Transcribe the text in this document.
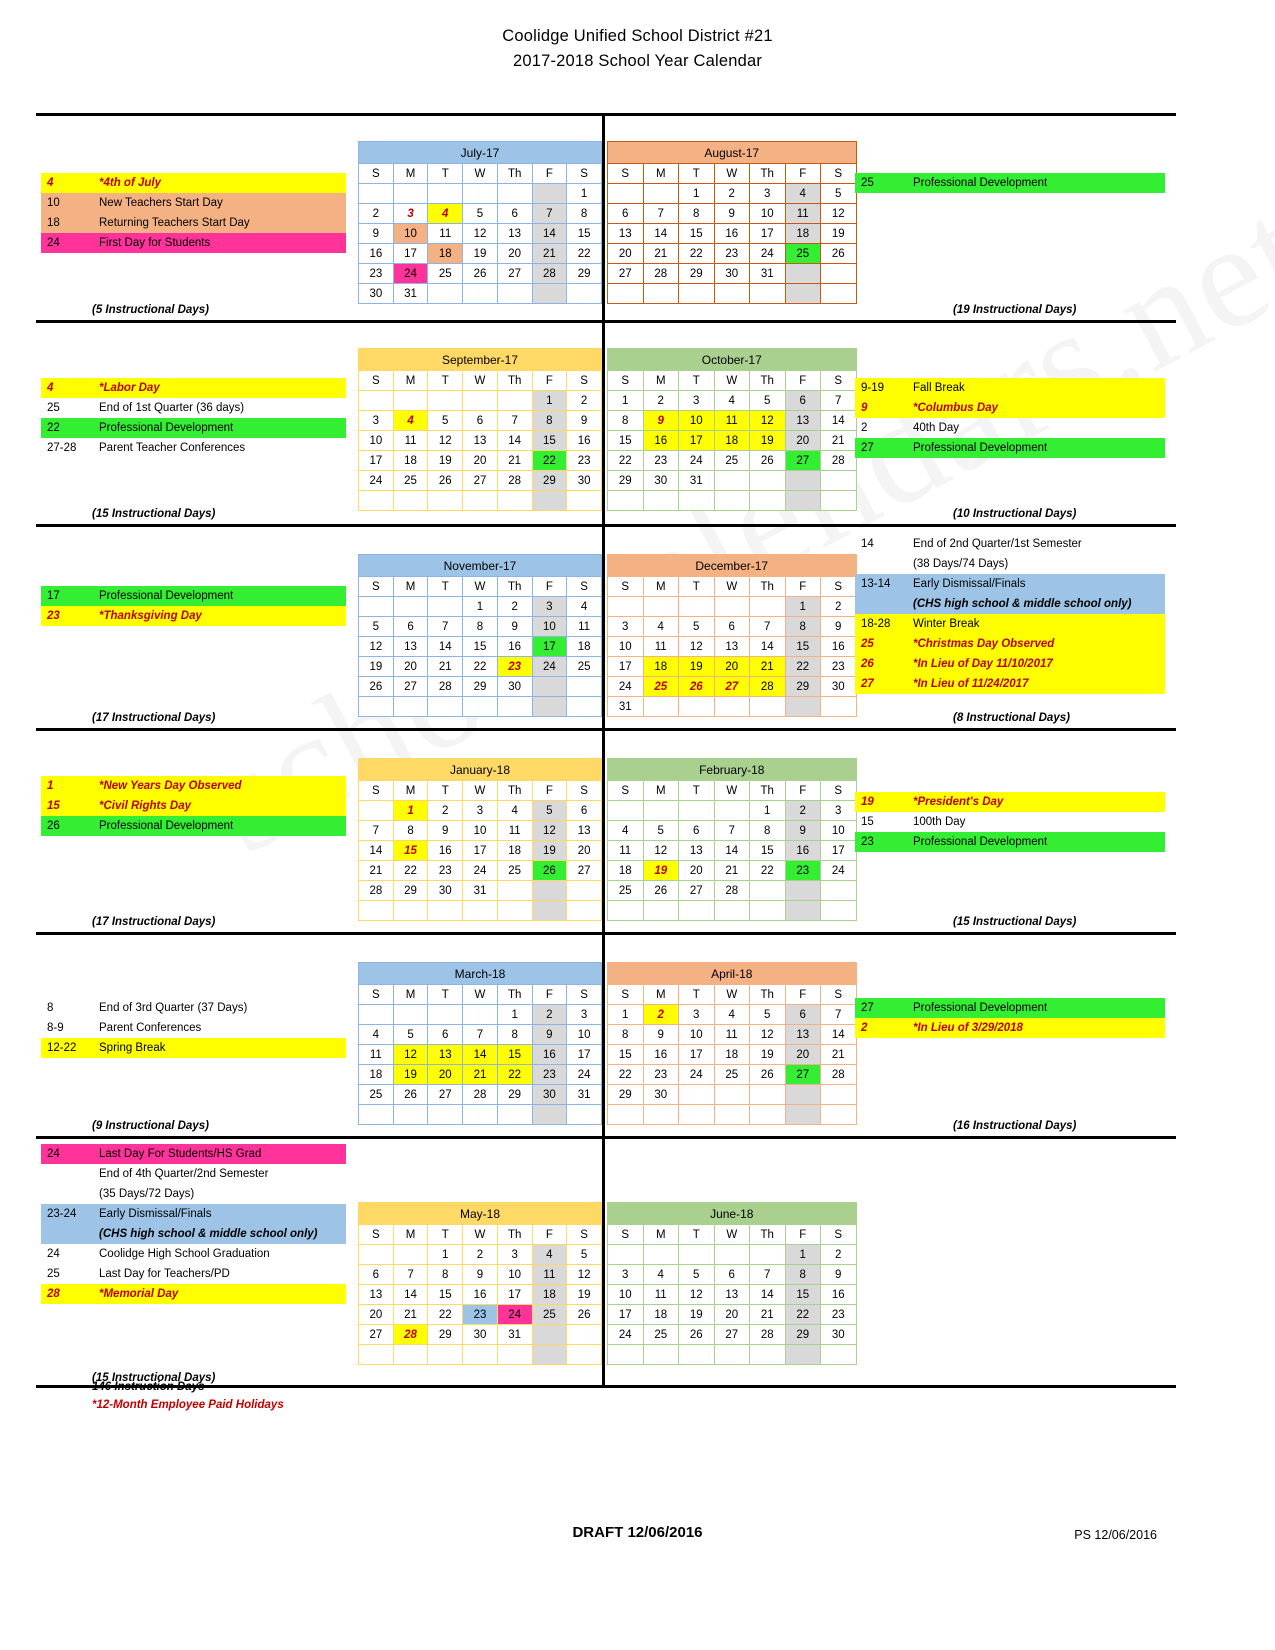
Coolidge Unified School District #21
2017-2018 School Year Calendar
July-17						
S	M	T	W	Th	F	S
						1
2	3	4	5	6	7	8
9	10	11	12	13	14	15
16	17	18	19	20	21	22
23	24	25	26	27	28	29
30	31					
4	*4th of July
10	New Teachers Start Day
18	Returning Teachers Start Day
24	First Day for Students
(5 Instructional Days)
August-17						
S	M	T	W	Th	F	S
		1	2	3	4	5
6	7	8	9	10	11	12
13	14	15	16	17	18	19
20	21	22	23	24	25	26
27	28	29	30	31		

25	Professional Development
(19 Instructional Days)
September-17						
S	M	T	W	Th	F	S
					1	2
3	4	5	6	7	8	9
10	11	12	13	14	15	16
17	18	19	20	21	22	23
24	25	26	27	28	29	30

4	*Labor Day
25	End of 1st Quarter (36 days)
22	Professional Development
27-28	Parent Teacher Conferences
(15 Instructional Days)
October-17						
S	M	T	W	Th	F	S
1	2	3	4	5	6	7
8	9	10	11	12	13	14
15	16	17	18	19	20	21
22	23	24	25	26	27	28
29	30	31				

9-19	Fall Break
9	*Columbus Day
2	40th Day
27	Professional Development
(10 Instructional Days)
November-17						
S	M	T	W	Th	F	S
			1	2	3	4
5	6	7	8	9	10	11
12	13	14	15	16	17	18
19	20	21	22	23	24	25
26	27	28	29	30		

17	Professional Development
23	*Thanksgiving Day
(17 Instructional Days)
December-17						
S	M	T	W	Th	F	S
					1	2
3	4	5	6	7	8	9
10	11	12	13	14	15	16
17	18	19	20	21	22	23
24	25	26	27	28	29	30
31						
14	End of 2nd Quarter/1st Semester
(38 Days/74 Days)
13-14	Early Dismissal/Finals
(CHS high school & middle school only)
18-28	Winter Break
25	*Christmas Day Observed
26	*In Lieu of Day 11/10/2017
27	*In Lieu of 11/24/2017
(8 Instructional Days)
January-18						
S	M	T	W	Th	F	S
	1	2	3	4	5	6
7	8	9	10	11	12	13
14	15	16	17	18	19	20
21	22	23	24	25	26	27
28	29	30	31			

1	*New Years Day Observed
15	*Civil Rights Day
26	Professional Development
(17 Instructional Days)
February-18						
S	M	T	W	Th	F	S
				1	2	3
4	5	6	7	8	9	10
11	12	13	14	15	16	17
18	19	20	21	22	23	24
25	26	27	28			

19	*President's Day
15	100th Day
23	Professional Development
(15 Instructional Days)
March-18						
S	M	T	W	Th	F	S
				1	2	3
4	5	6	7	8	9	10
11	12	13	14	15	16	17
18	19	20	21	22	23	24
25	26	27	28	29	30	31

8	End of 3rd Quarter (37 Days)
8-9	Parent Conferences
12-22	Spring Break
(9 Instructional Days)
April-18						
S	M	T	W	Th	F	S
1	2	3	4	5	6	7
8	9	10	11	12	13	14
15	16	17	18	19	20	21
22	23	24	25	26	27	28
29	30					

27	Professional Development
2	*In Lieu of 3/29/2018
(16 Instructional Days)
May-18						
S	M	T	W	Th	F	S
		1	2	3	4	5
6	7	8	9	10	11	12
13	14	15	16	17	18	19
20	21	22	23	24	25	26
27	28	29	30	31		

24	Last Day For Students/HS Grad
End of 4th Quarter/2nd Semester
(35 Days/72 Days)
23-24	Early Dismissal/Finals
(CHS high school & middle school only)
24	Coolidge High School Graduation
25	Last Day for Teachers/PD
28	*Memorial Day
(15 Instructional Days)
June-18						
S	M	T	W	Th	F	S
					1	2
3	4	5	6	7	8	9
10	11	12	13	14	15	16
17	18	19	20	21	22	23
24	25	26	27	28	29	30

146 Instruction Days
*12-Month Employee Paid Holidays
DRAFT 12/06/2016	PS 12/06/2016
